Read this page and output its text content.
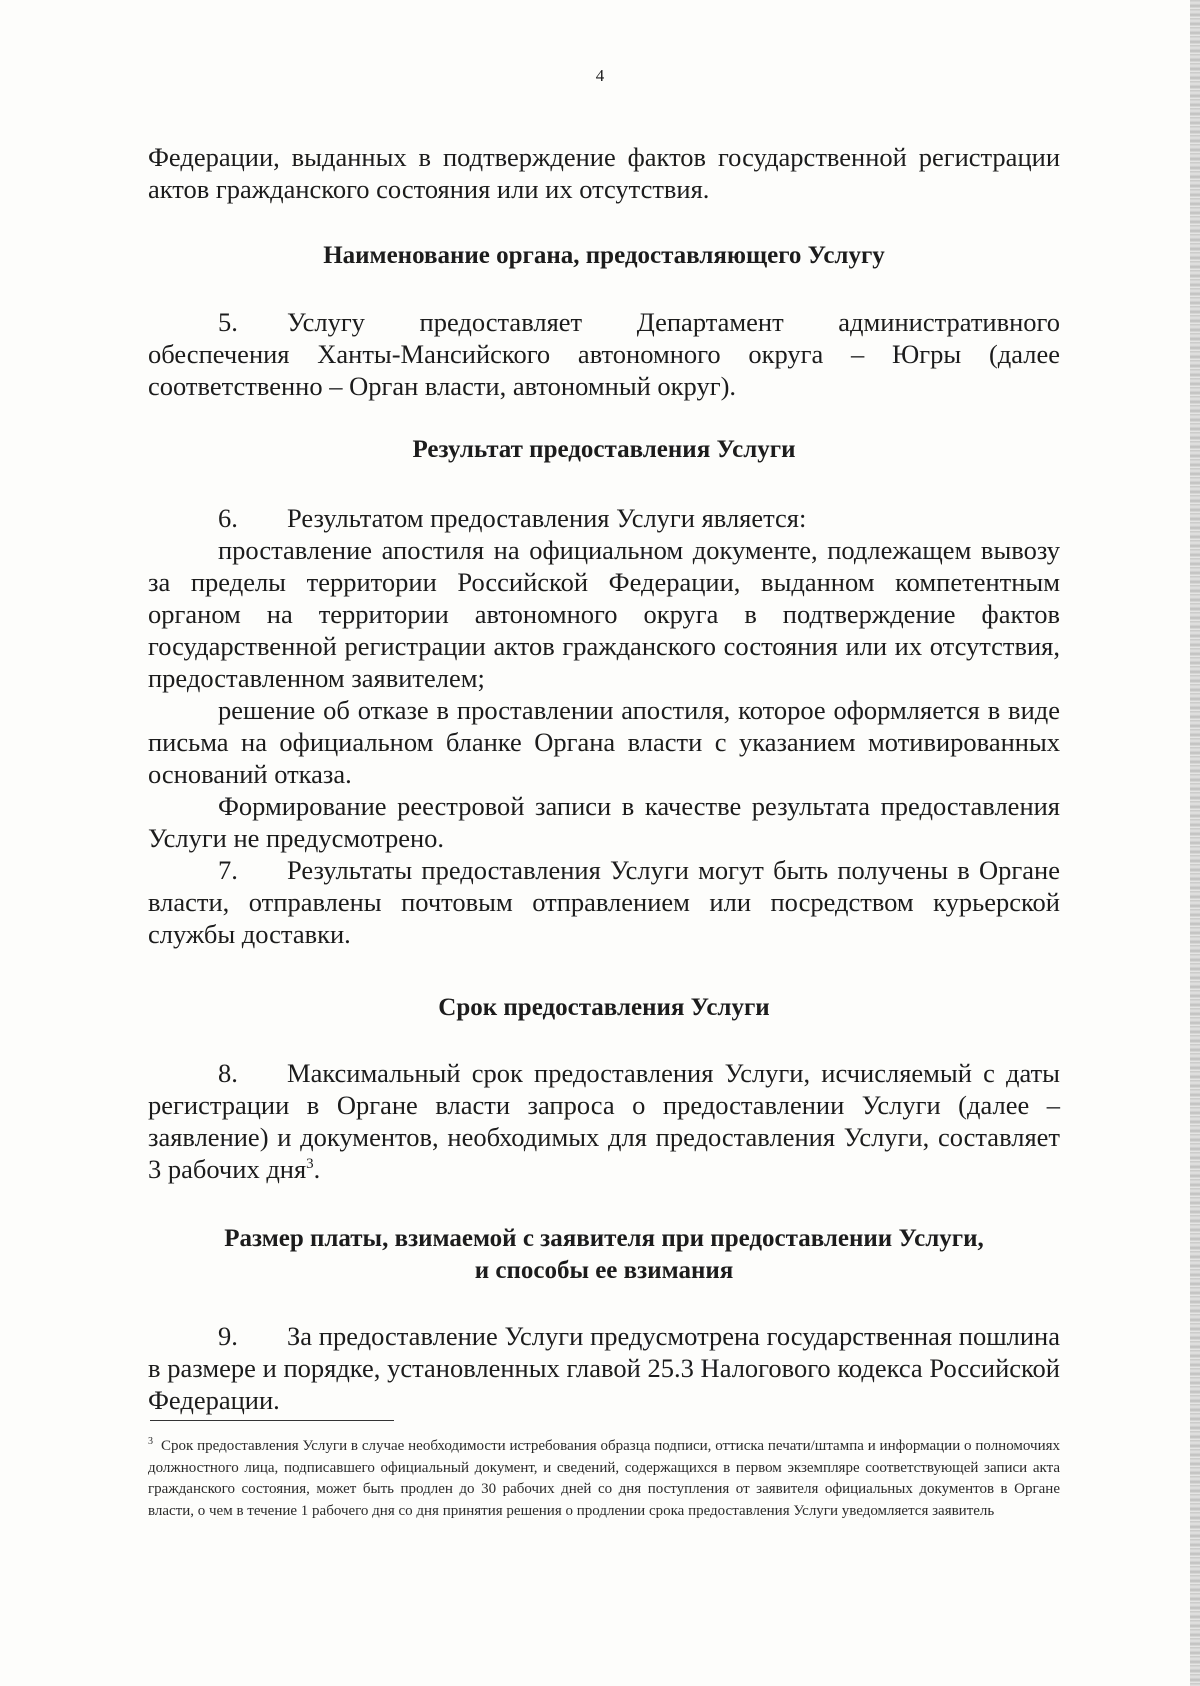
4

Федерации, выданных в подтверждение фактов государственной регистрации актов гражданского состояния или их отсутствия.

Наименование органа, предоставляющего Услугу

5. Услугу предоставляет Департамент административного обеспечения Ханты-Мансийского автономного округа – Югры (далее соответственно – Орган власти, автономный округ).

Результат предоставления Услуги

6. Результатом предоставления Услуги является:

проставление апостиля на официальном документе, подлежащем вывозу за пределы территории Российской Федерации, выданном компетентным органом на территории автономного округа в подтверждение фактов государственной регистрации актов гражданского состояния или их отсутствия, предоставленном заявителем;

решение об отказе в проставлении апостиля, которое оформляется в виде письма на официальном бланке Органа власти с указанием мотивированных оснований отказа.

Формирование реестровой записи в качестве результата предоставления Услуги не предусмотрено.

7. Результаты предоставления Услуги могут быть получены в Органе власти, отправлены почтовым отправлением или посредством курьерской службы доставки.

Срок предоставления Услуги

8. Максимальный срок предоставления Услуги, исчисляемый с даты регистрации в Органе власти запроса о предоставлении Услуги (далее – заявление) и документов, необходимых для предоставления Услуги, составляет 3 рабочих дня$^3$.

Размер платы, взимаемой с заявителя при предоставлении Услуги,
и способы ее взимания

9. За предоставление Услуги предусмотрена государственная пошлина в размере и порядке, установленных главой 25.3 Налогового кодекса Российской Федерации.

$^3$ Срок предоставления Услуги в случае необходимости истребования образца подписи, оттиска печати/штампа и информации о полномочиях должностного лица, подписавшего официальный документ, и сведений, содержащихся в первом экземпляре соответствующей записи акта гражданского состояния, может быть продлен до 30 рабочих дней со дня поступления от заявителя официальных документов в Органе власти, о чем в течение 1 рабочего дня со дня принятия решения о продлении срока предоставления Услуги уведомляется заявитель
